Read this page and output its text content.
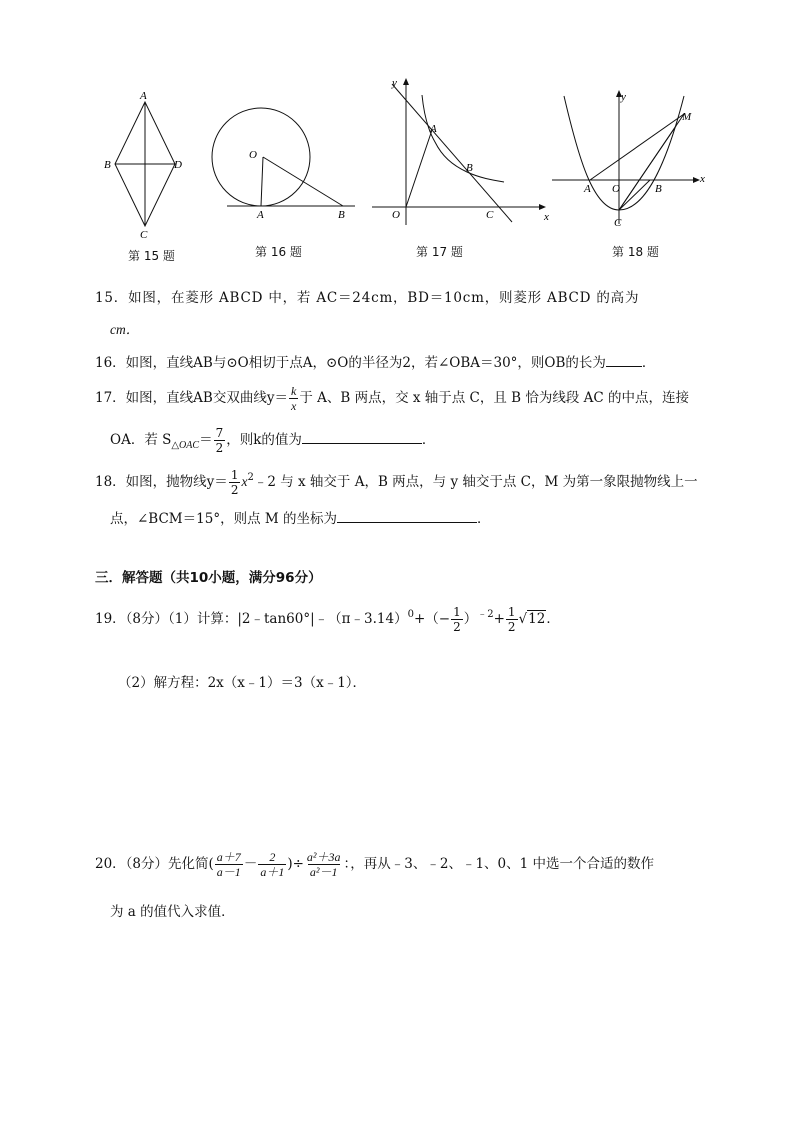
A
B
C
D
第 15 题
O
A	B
第 16 题
y
x
O
A
B
C
第 17 题
y
x
M
A O	B
C
第 18 题
15．如图，在菱形 ABCD 中，若 AC＝24cm，BD＝10cm，则菱形 ABCD 的高为
cm．
16．如图，直线AB与⊙O相切于点A，⊙O的半径为2，若∠OBA＝30°，则OB的长为	．
17．如图，直线AB交双曲线$y= \frac{k}{x}$ 于 A、B 两点，交 x 轴于点 C，且 B 恰为线段 AC 的中点，连接
OA．若 $S_{\triangle OAC}= \frac{7}{2}$ ，则k的值为	．
18．如图，抛物线$y= \frac{1}{2}$ $x^2﹣2$ 与 x 轴交于 A，B 两点，与 y 轴交于点 C，M 为第一象限抛物线上一
点，∠BCM＝15°，则点 M 的坐标为	．
三．解答题（共10小题，满分96分）
19．（8分）（1）计算：|2﹣tan60°|﹣（π﹣3.14）$^0$+（− $\frac{1}{2} )^{﹣2}+ \frac{1}{2} √12$．
（2）解方程：2x（x﹣1）＝3（x﹣1）．
20．（8分）先化简( $\frac{a+7}{a-1} - \frac{2}{a+1}$ )÷ $\frac{\text{a²＋3a}}{\text{a²－1}}$ ：，再从﹣3、﹣2、﹣1、0、1 中选一个合适的数作
为 a 的值代入求值．
